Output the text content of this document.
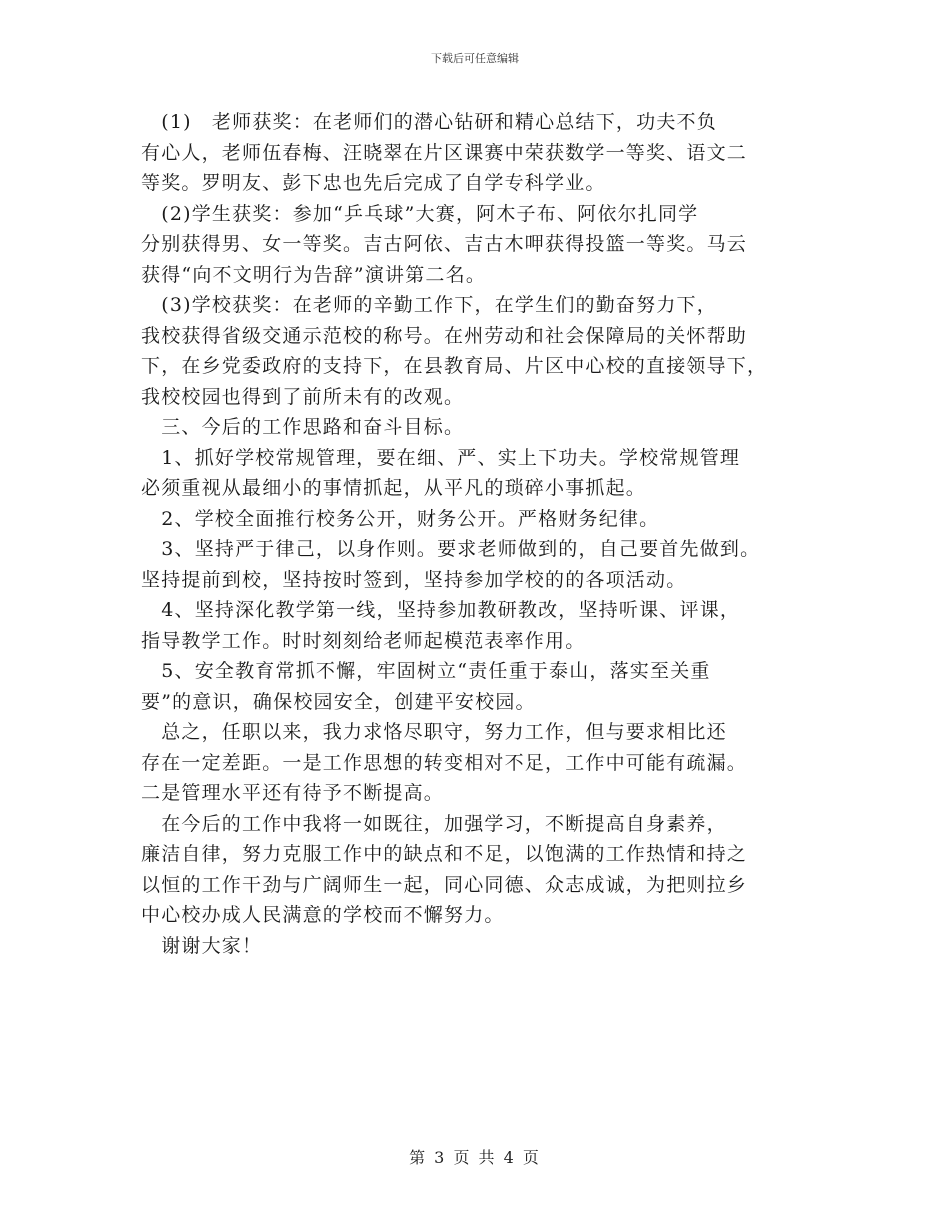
下载后可任意编辑

　(1)　老师获奖：在老师们的潜心钻研和精心总结下，功夫不负

有心人，老师伍春梅、汪晓翠在片区课赛中荣获数学一等奖、语文二

等奖。罗明友、彭下忠也先后完成了自学专科学业。

　(2)学生获奖：参加“乒乓球”大赛，阿木子布、阿依尔扎同学

分别获得男、女一等奖。吉古阿依、吉古木呷获得投篮一等奖。马云

获得“向不文明行为告辞”演讲第二名。

　(3)学校获奖：在老师的辛勤工作下，在学生们的勤奋努力下，

我校获得省级交通示范校的称号。在州劳动和社会保障局的关怀帮助

下，在乡党委政府的支持下，在县教育局、片区中心校的直接领导下，

我校校园也得到了前所未有的改观。

　三、今后的工作思路和奋斗目标。

　1、抓好学校常规管理，要在细、严、实上下功夫。学校常规管理

必须重视从最细小的事情抓起，从平凡的琐碎小事抓起。

　2、学校全面推行校务公开，财务公开。严格财务纪律。

　3、坚持严于律己，以身作则。要求老师做到的，自己要首先做到。

坚持提前到校，坚持按时签到，坚持参加学校的的各项活动。

　4、坚持深化教学第一线，坚持参加教研教改，坚持听课、评课，

指导教学工作。时时刻刻给老师起模范表率作用。

　5、安全教育常抓不懈，牢固树立“责任重于泰山，落实至关重

要”的意识，确保校园安全，创建平安校园。

　总之，任职以来，我力求恪尽职守，努力工作，但与要求相比还

存在一定差距。一是工作思想的转变相对不足，工作中可能有疏漏。

二是管理水平还有待予不断提高。

　在今后的工作中我将一如既往，加强学习，不断提高自身素养，

廉洁自律，努力克服工作中的缺点和不足，以饱满的工作热情和持之

以恒的工作干劲与广阔师生一起，同心同德、众志成诚，为把则拉乡

中心校办成人民满意的学校而不懈努力。

　谢谢大家！

第 3 页 共 4 页
